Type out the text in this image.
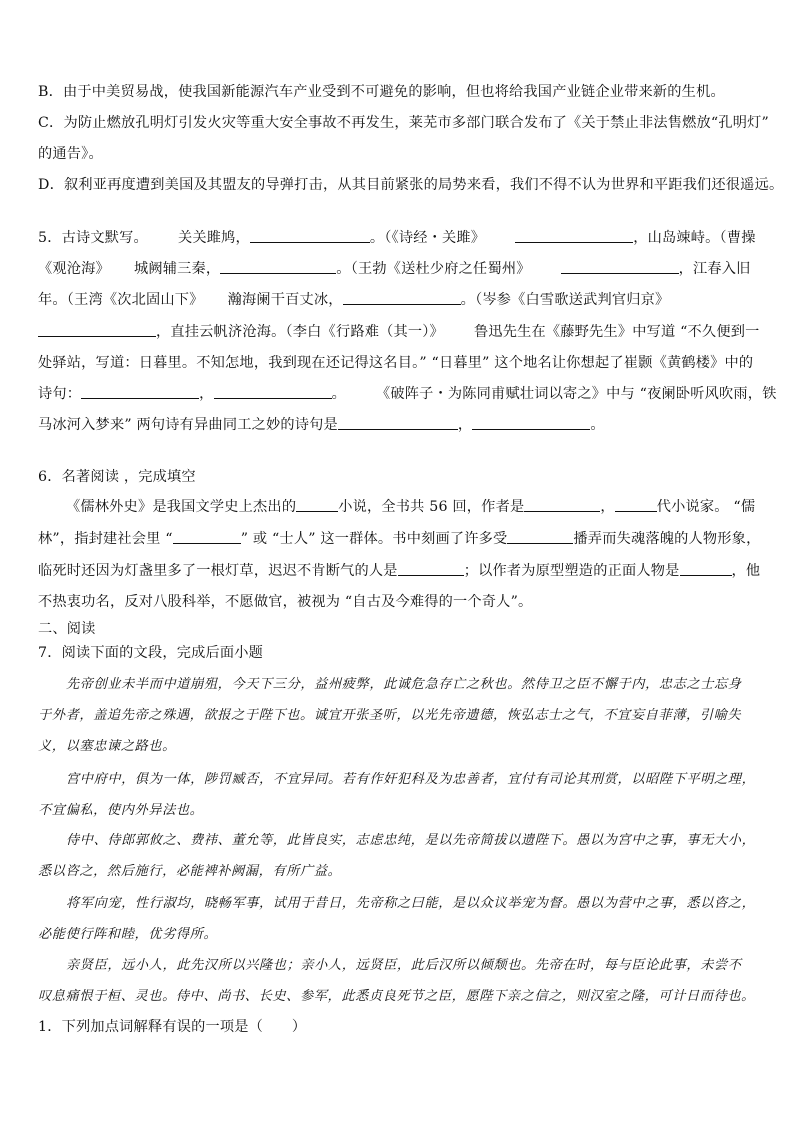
B．由于中美贸易战，使我国新能源汽车产业受到不可避免的影响，但也将给我国产业链企业带来新的生机。
C．为防止燃放孔明灯引发火灾等重大安全事故不再发生，莱芜市多部门联合发布了《关于禁止非法售燃放“孔明灯”
的通告》。
D．叙利亚再度遭到美国及其盟友的导弹打击，从其目前紧张的局势来看，我们不得不认为世界和平距我们还很遥远。
5．古诗文默写。 关关雎鸠，	。（《诗经・关雎》	，山岛竦峙。（曹操
《观沧海》 城阙辅三秦，	。（王勃《送杜少府之任蜀州》	，江春入旧
年。（王湾《次北固山下》 瀚海阑干百丈冰，	。（岑参《白雪歌送武判官归京》
，直挂云帆济沧海。（李白《行路难（其一）》 鲁迅先生在《藤野先生》中写道 “不久便到一
处驿站，写道：日暮里。不知怎地，我到现在还记得这名目。” “日暮里” 这个地名让你想起了崔颢《黄鹤楼》中的
诗句：	，	。 《破阵子・为陈同甫赋壮词以寄之》中与 “夜阑卧听风吹雨，铁
马冰河入梦来” 两句诗有异曲同工之妙的诗句是	，	。
6．名著阅读 ，完成填空
《儒林外史》是我国文学史上杰出的	小说，全书共 56 回，作者是	，	代小说家。 “儒
林”，指封建社会里 “	” 或 “士人” 这一群体。书中刻画了许多受	播弄而失魂落魄的人物形象，
临死时还因为灯盏里多了一根灯草，迟迟不肯断气的人是	；以作者为原型塑造的正面人物是	，他
不热衷功名，反对八股科举，不愿做官，被视为 “自古及今难得的一个奇人”。
二、阅读
7．阅读下面的文段，完成后面小题
先帝创业未半而中道崩殂，今天下三分，益州疲弊，此诚危急存亡之秋也。然侍卫之臣不懈于内，忠志之士忘身
于外者，盖追先帝之殊遇，欲报之于陛下也。诚宜开张圣听，以光先帝遗德，恢弘志士之气，不宜妄自菲薄，引喻失
义，以塞忠谏之路也。
宫中府中，俱为一体，陟罚臧否，不宜异同。若有作奸犯科及为忠善者，宜付有司论其刑赏，以昭陛下平明之理，
不宜偏私，使内外异法也。
侍中、侍郎郭攸之、费祎、董允等，此皆良实，志虑忠纯，是以先帝简拔以遗陛下。愚以为宫中之事，事无大小，
悉以咨之，然后施行，必能裨补阙漏，有所广益。
将军向宠，性行淑均，晓畅军事，试用于昔日，先帝称之曰能，是以众议举宠为督。愚以为营中之事，悉以咨之，
必能使行阵和睦，优劣得所。
亲贤臣，远小人，此先汉所以兴隆也；亲小人，远贤臣，此后汉所以倾颓也。先帝在时，每与臣论此事，未尝不
叹息痛恨于桓、灵也。侍中、尚书、长史、参军，此悉贞良死节之臣，愿陛下亲之信之，则汉室之隆，可计日而待也。
1．下列加点词解释有误的一项是（　　）
